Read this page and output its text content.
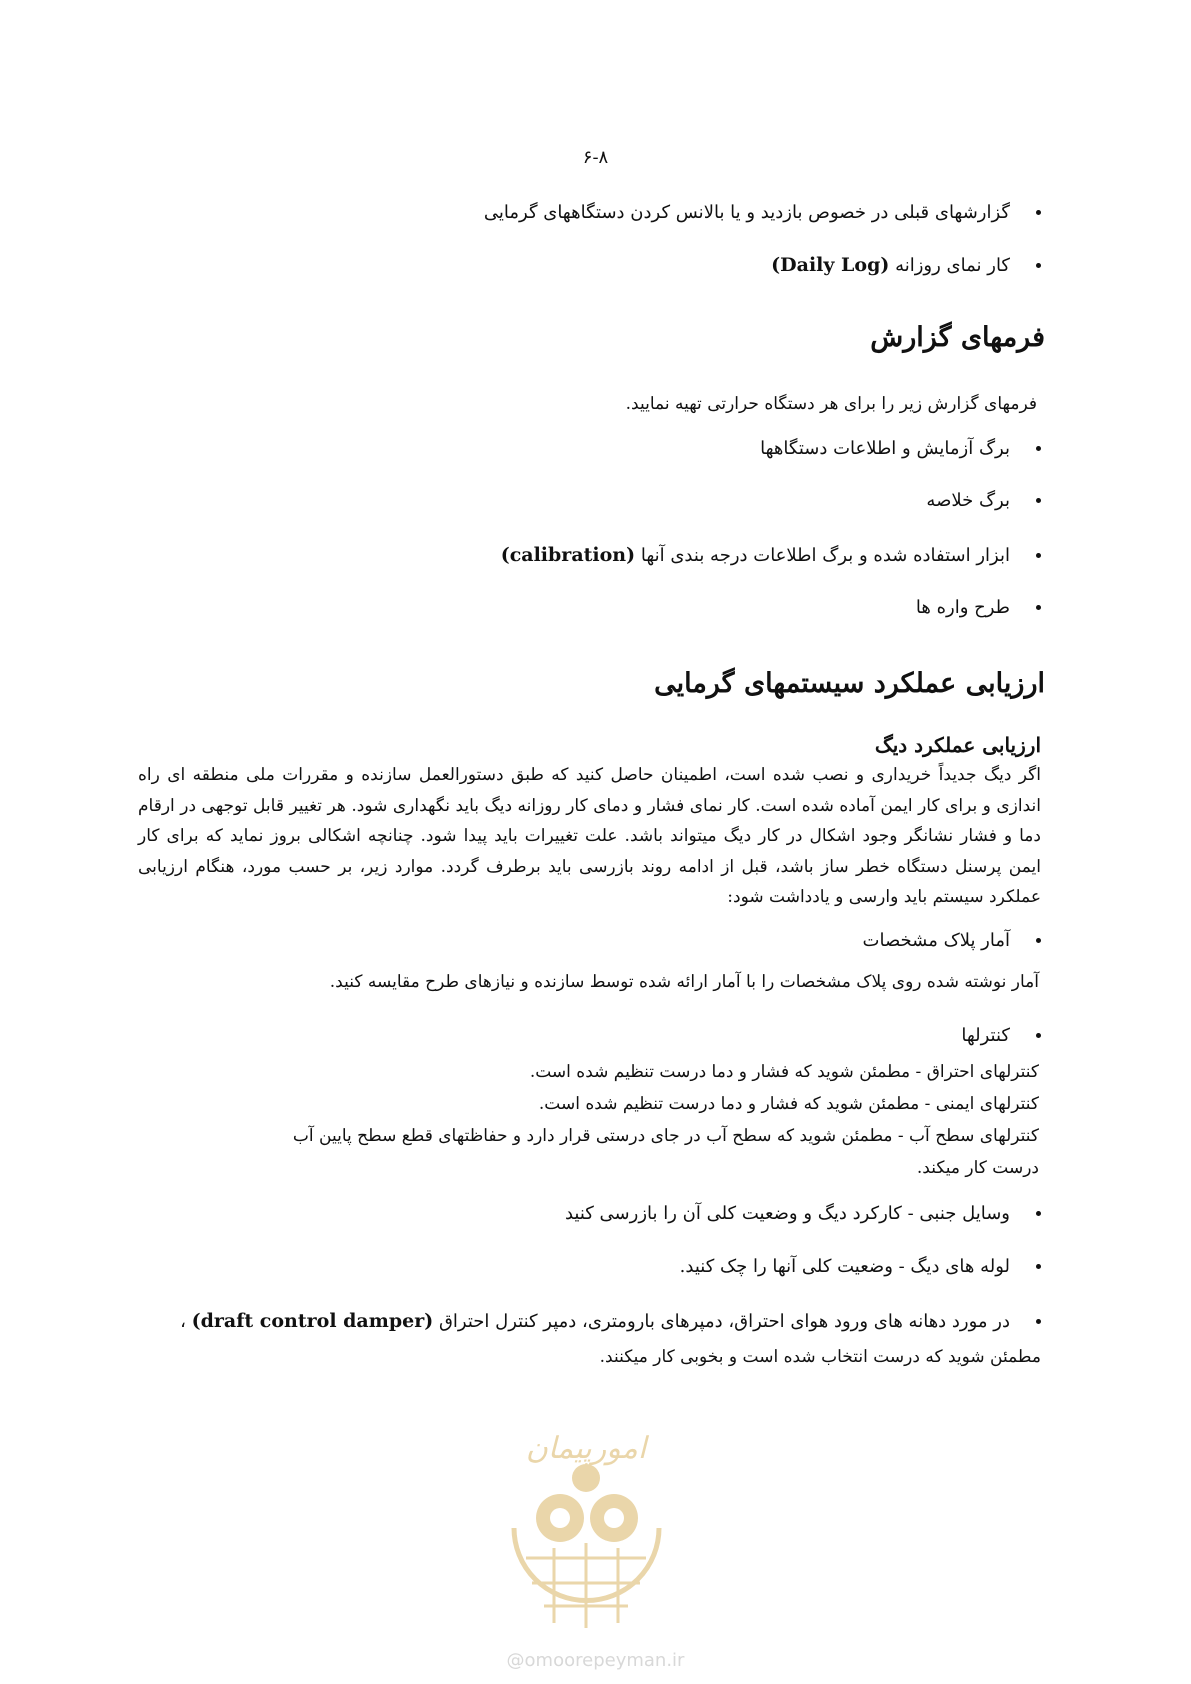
۶-۸
گزارشهای قبلی در خصوص بازدید و یا بالانس کردن دستگاههای گرمایی
کار نمای روزانه (Daily Log)
فرمهای گزارش
فرمهای گزارش زیر را برای هر دستگاه حرارتی تهیه نمایید.
برگ آزمایش و اطلاعات دستگاهها
برگ خلاصه
ابزار استفاده شده و برگ اطلاعات درجه بندی آنها (calibration)
طرح واره ها
ارزیابی عملکرد سیستمهای گرمایی
ارزیابی عملکرد دیگ
اگر دیگ جدیداً خریداری و نصب شده است، اطمینان حاصل کنید که طبق دستورالعمل سازنده و مقررات ملی منطقه ای راه اندازی و برای کار ایمن آماده شده است. کار نمای فشار و دمای کار روزانه دیگ باید نگهداری شود. هر تغییر قابل توجهی در ارقام دما و فشار نشانگر وجود اشکال در کار دیگ میتواند باشد. علت تغییرات باید پیدا شود. چنانچه اشکالی بروز نماید که برای کار ایمن پرسنل دستگاه خطر ساز باشد، قبل از ادامه روند بازرسی باید برطرف گردد. موارد زیر، بر حسب مورد، هنگام ارزیابی عملکرد سیستم باید وارسی و یادداشت شود:
آمار پلاک مشخصات
آمار نوشته شده روی پلاک مشخصات را با آمار ارائه شده توسط سازنده و نیازهای طرح مقایسه کنید.
کنترلها
کنترلهای احتراق - مطمئن شوید که فشار و دما درست تنظیم شده است.
کنترلهای ایمنی - مطمئن شوید که فشار و دما درست تنظیم شده است.
کنترلهای سطح آب - مطمئن شوید که سطح آب در جای درستی قرار دارد و حفاظتهای قطع سطح پایین آب
درست کار میکند.
وسایل جنبی - کارکرد دیگ و وضعیت کلی آن را بازرسی کنید
لوله های دیگ - وضعیت کلی آنها را چک کنید.
در مورد دهانه های ورود هوای احتراق، دمپرهای بارومتری، دمپر کنترل احتراق (draft control damper) ،
مطمئن شوید که درست انتخاب شده است و بخوبی کار میکنند.
امورپیمان
@omoorepeyman.ir
